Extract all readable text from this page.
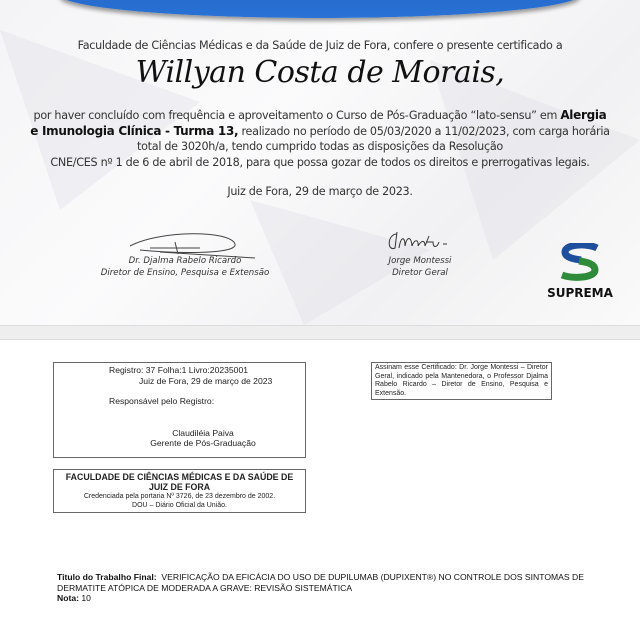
Faculdade de Ciências Médicas e da Saúde de Juiz de Fora, confere o presente certificado a
Willyan Costa de Morais,
por haver concluído com frequência e aproveitamento o Curso de Pós-Graduação “lato-sensu” em Alergia
e Imunologia Clínica - Turma 13, realizado no período de 05/03/2020 a 11/02/2023, com carga horária
total de 3020h/a, tendo cumprido todas as disposições da Resolução
CNE/CES nº 1 de 6 de abril de 2018, para que possa gozar de todos os direitos e prerrogativas legais.
Juiz de Fora, 29 de março de 2023.
Dr. Djalma Rabelo Ricardo
Diretor de Ensino, Pesquisa e Extensão
Jorge Montessi
Diretor Geral
SUPREMA
Registro: 37 Folha:1 Livro:20235001
Juiz de Fora, 29 de março de 2023
Responsável pelo Registro:
Claudiléia Paiva
Gerente de Pós-Graduação
FACULDADE DE CIÊNCIAS MÉDICAS E DA SAÚDE DE JUIZ DE FORA
Credenciada pela portaria Nº 3726, de 23 dezembro de 2002.
DOU – Diário Oficial da União.
Assinam esse Certificado: Dr. Jorge Montessi – Diretor Geral, indicado pela Mantenedora, o Professor Djalma Rabelo Ricardo – Diretor de Ensino, Pesquisa e Extensão.
Titulo do Trabalho Final: VERIFICAÇÃO DA EFICÁCIA DO USO DE DUPILUMAB (DUPIXENT®) NO CONTROLE DOS SINTOMAS DE DERMATITE ATÓPICA DE MODERADA A GRAVE: REVISÃO SISTEMÁTICA
Nota: 10
